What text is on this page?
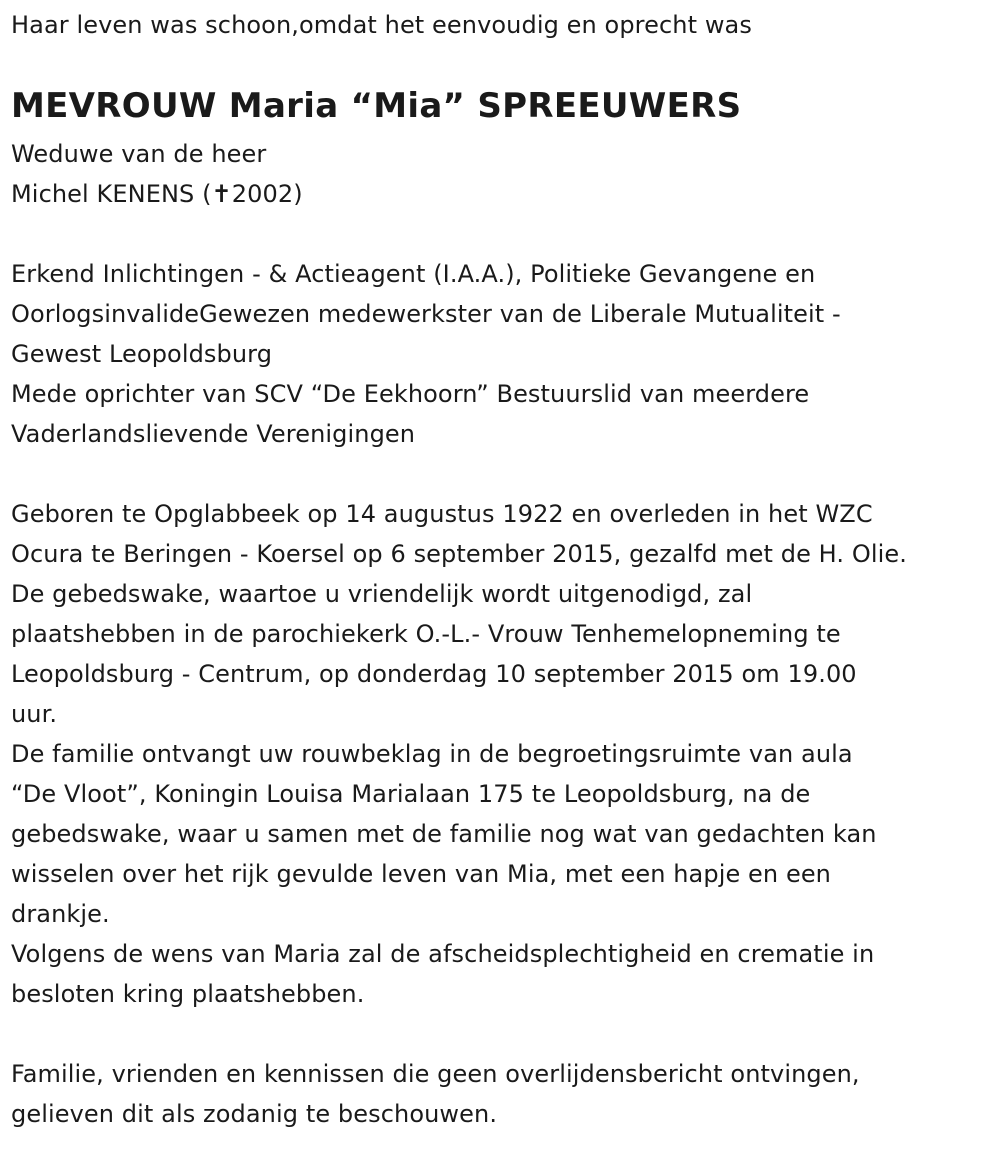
Haar leven was schoon,omdat het eenvoudig en oprecht was
MEVROUW Maria “Mia” SPREEUWERS
Weduwe van de heer
Michel KENENS (✝2002)
Erkend Inlichtingen - & Actieagent (I.A.A.), Politieke Gevangene en
OorlogsinvalideGewezen medewerkster van de Liberale Mutualiteit -
Gewest Leopoldsburg
Mede oprichter van SCV “De Eekhoorn” Bestuurslid van meerdere
Vaderlandslievende Verenigingen
Geboren te Opglabbeek op 14 augustus 1922 en overleden in het WZC
Ocura te Beringen - Koersel op 6 september 2015, gezalfd met de H. Olie.
De gebedswake, waartoe u vriendelijk wordt uitgenodigd, zal
plaatshebben in de parochiekerk O.-L.- Vrouw Tenhemelopneming te
Leopoldsburg - Centrum, op donderdag 10 september 2015 om 19.00
uur.
De familie ontvangt uw rouwbeklag in de begroetingsruimte van aula
“De Vloot”, Koningin Louisa Marialaan 175 te Leopoldsburg, na de
gebedswake, waar u samen met de familie nog wat van gedachten kan
wisselen over het rijk gevulde leven van Mia, met een hapje en een
drankje.
Volgens de wens van Maria zal de afscheidsplechtigheid en crematie in
besloten kring plaatshebben.
Familie, vrienden en kennissen die geen overlijdensbericht ontvingen,
gelieven dit als zodanig te beschouwen.
